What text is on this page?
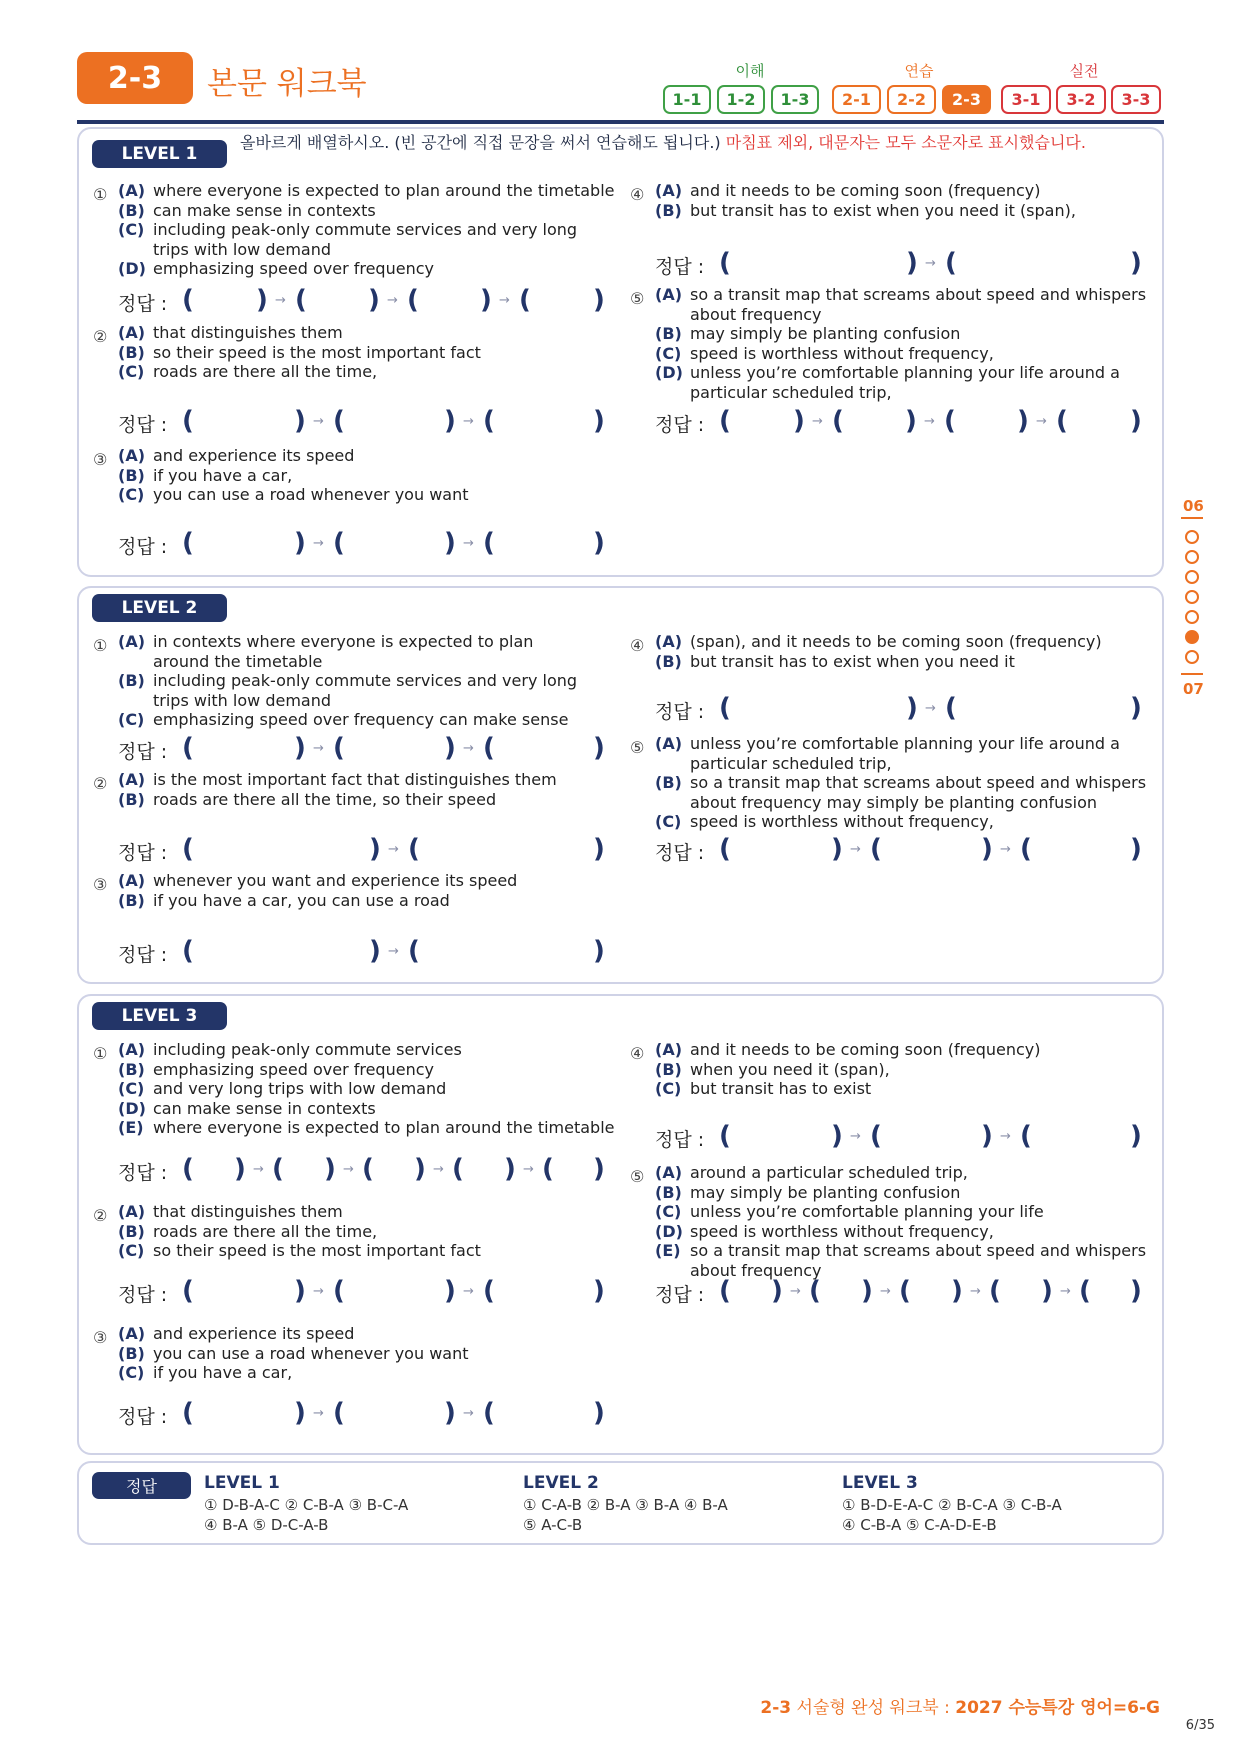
2-3	본문 워크북	이해	연습	실전
1-1	1-2	1-3	2-1	2-2	2-3	3-1	3-2	3-3
LEVEL 1
LEVEL 2
LEVEL 3
올바르게 배열하시오. (빈 공간에 직접 문장을 써서 연습해도 됩니다.) 마침표 제외, 대문자는 모두 소문자로 표시했습니다.
① (A) where everyone is expected to plan around the timetable
(B) can make sense in contexts
(C) including peak-only commute services and very long trips with low demand
(D) emphasizing speed over frequency
정답 : ( ) → ( ) → ( ) → ( )
② (A) that distinguishes them
(B) so their speed is the most important fact
(C) roads are there all the time,
정답 : (	) → (	) → (	)
③ (A) and experience its speed
(B) if you have a car,
(C) you can use a road whenever you want
정답 : (	) → (	) → (	)
④ (A) and it needs to be coming soon (frequency)
(B) but transit has to exist when you need it (span),
정답 : (	) → (	)
⑤ (A) so a transit map that screams about speed and whispers about frequency
(B) may simply be planting confusion
(C) speed is worthless without frequency,
(D) unless you’re comfortable planning your life around a particular scheduled trip,
정답 : ( ) → ( ) → ( ) → ( )
① (A) in contexts where everyone is expected to plan around the timetable
(B) including peak-only commute services and very long trips with low demand
(C) emphasizing speed over frequency can make sense
정답 : (	) → (	) → (	)
② (A) is the most important fact that distinguishes them
(B) roads are there all the time, so their speed
정답 : (	) → (	)
③ (A) whenever you want and experience its speed
(B) if you have a car, you can use a road
정답 : (	) → (	)
④ (A) (span), and it needs to be coming soon (frequency)
(B) but transit has to exist when you need it
정답 : (	) → (	)
⑤ (A) unless you’re comfortable planning your life around a particular scheduled trip,
(B) so a transit map that screams about speed and whispers about frequency may simply be planting confusion
(C) speed is worthless without frequency,
정답 : (	) → (	) → (	)
① (A) including peak-only commute services
(B) emphasizing speed over frequency
(C) and very long trips with low demand
(D) can make sense in contexts
(E) where everyone is expected to plan around the timetable
정답 : ( ) → ( ) → ( ) → ( ) → ( )
② (A) that distinguishes them
(B) roads are there all the time,
(C) so their speed is the most important fact
정답 : (	) → (	) → (	)
③ (A) and experience its speed
(B) you can use a road whenever you want
(C) if you have a car,
정답 : (	) → (	) → (	)
④ (A) and it needs to be coming soon (frequency)
(B) when you need it (span),
(C) but transit has to exist
정답 : (	) → (	) → (	)
⑤ (A) around a particular scheduled trip,
(B) may simply be planting confusion
(C) unless you’re comfortable planning your life
(D) speed is worthless without frequency,
(E) so a transit map that screams about speed and whispers about frequency
정답 : ( ) → ( ) → ( ) → ( ) → ( )
06
07
정답	LEVEL 1
① D-B-A-C ② C-B-A ③ B-C-A
④ B-A ⑤ D-C-A-B
LEVEL 2
① C-A-B ② B-A ③ B-A ④ B-A
⑤ A-C-B
LEVEL 3
① B-D-E-A-C ② B-C-A ③ C-B-A
④ C-B-A ⑤ C-A-D-E-B
2-3 서술형 완성 워크북 : 2027 수능특강 영어=6-G
6/35
